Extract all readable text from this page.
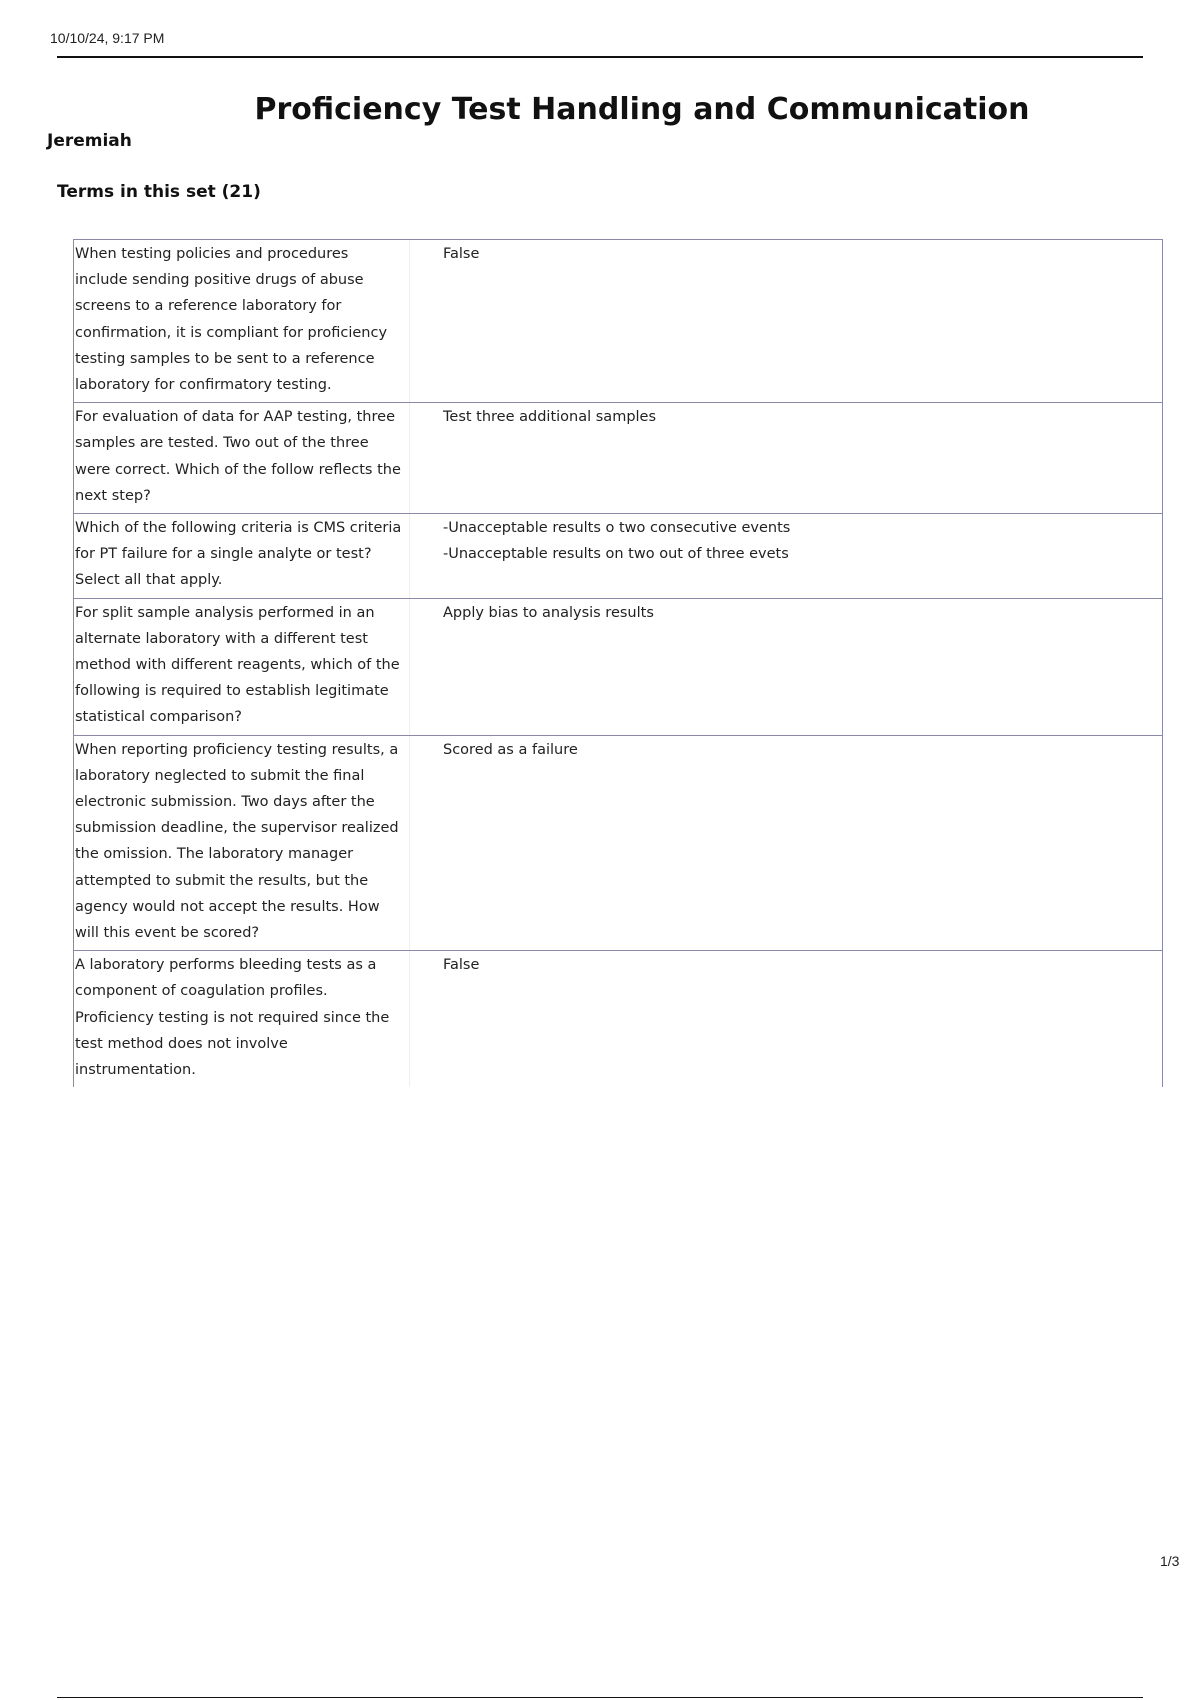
10/10/24, 9:17 PM
Proficiency Test Handling and Communication
Jeremiah
Terms in this set (21)
When testing policies and procedures include sending positive drugs of abuse screens to a reference laboratory for confirmation, it is compliant for proficiency testing samples to be sent to a reference laboratory for confirmatory testing.
False
For evaluation of data for AAP testing, three samples are tested. Two out of the three were correct. Which of the follow reflects the next step?
Test three additional samples
Which of the following criteria is CMS criteria for PT failure for a single analyte or test? Select all that apply.
-Unacceptable results o two consecutive events
-Unacceptable results on two out of three evets
For split sample analysis performed in an alternate laboratory with a different test method with different reagents, which of the following is required to establish legitimate statistical comparison?
Apply bias to analysis results
When reporting proficiency testing results, a laboratory neglected to submit the final electronic submission. Two days after the submission deadline, the supervisor realized the omission. The laboratory manager attempted to submit the results, but the agency would not accept the results. How will this event be scored?
Scored as a failure
A laboratory performs bleeding tests as a component of coagulation profiles. Proficiency testing is not required since the test method does not involve instrumentation.
False
1/3
